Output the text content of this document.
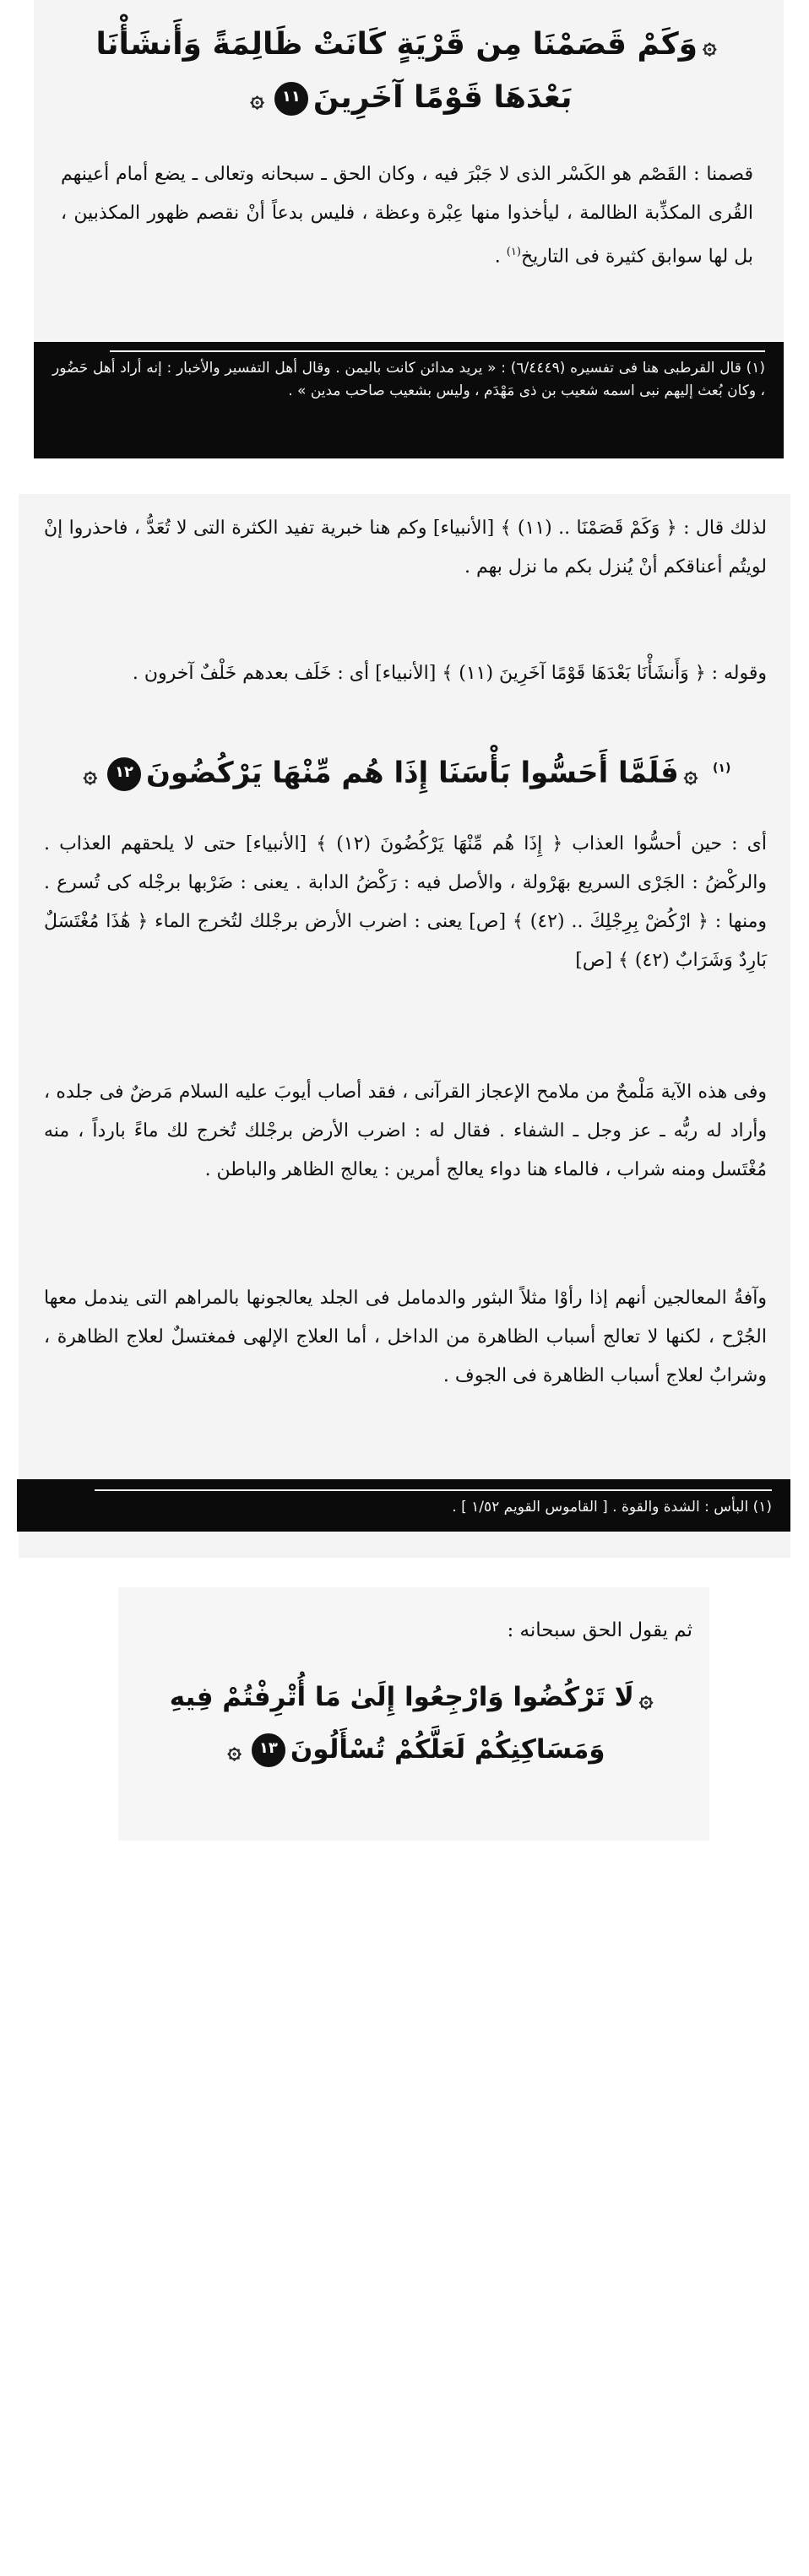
۞وَكَمْ قَصَمْنَا مِن قَرْيَةٍ كَانَتْ ظَالِمَةً وَأَنشَأْنَا
بَعْدَهَا قَوْمًا آخَرِينَ١١۞

قصمنا : القَصْم هو الكَسْر الذى لا جَبْرَ فيه ، وكان الحق ـ سبحانه وتعالى ـ يضع أمام أعينهم القُرى المكذِّبة الظالمة ، ليأخذوا منها عِبْرة وعظة ، فليس بدعاً أنْ نقصم ظهور المكذبين ، بل لها سوابق كثيرة فى التاريخ$^{(١)}$ .

(١) قال القرطبى هنا فى تفسيره (٦/٤٤٤٩) : « يريد مدائن كانت باليمن . وقال أهل التفسير والأخبار : إنه أراد أهل حَضُور ، وكان بُعث إليهم نبى اسمه شعيب بن ذى مَهْدَم ، وليس بشعيب صاحب مدين » .

لذلك قال : ﴿ وَكَمْ قَصَمْنَا .. (١١) ﴾ [الأنبياء] وكم هنا خبرية تفيد الكثرة التى لا تُعَدُّ ، فاحذروا إنْ لويتُم أعناقكم أنْ يُنزل بكم ما نزل بهم .

وقوله : ﴿ وَأَنشَأْنَا بَعْدَهَا قَوْمًا آخَرِينَ (١١) ﴾ [الأنبياء] أى : خَلَف بعدهم خَلْفٌ آخرون .

$^{(١)}$ ۞فَلَمَّا أَحَسُّوا بَأْسَنَا إِذَا هُم مِّنْهَا يَرْكُضُونَ١٢۞

أى : حين أحسُّوا العذاب ﴿ إِذَا هُم مِّنْهَا يَرْكُضُونَ (١٢) ﴾ [الأنبياء] حتى لا يلحقهم العذاب . والركْضُ : الجَرْى السريع بهَرْولة ، والأصل فيه : رَكْضُ الدابة . يعنى : ضَرْبها برجْله كى تُسرع . ومنها : ﴿ ارْكُضْ بِرِجْلِكَ .. (٤٢) ﴾ [ص] يعنى : اضرب الأرض برجْلك لتُخرج الماء ﴿ هَٰذَا مُغْتَسَلٌ بَارِدٌ وَشَرَابٌ (٤٢) ﴾ [ص]

وفى هذه الآية مَلْمحٌ من ملامح الإعجاز القرآنى ، فقد أصاب أيوبَ عليه السلام مَرضٌ فى جلده ، وأراد له ربُّه ـ عز وجل ـ الشفاء . فقال له : اضرب الأرض برجْلك تُخرج لك ماءً بارداً ، منه مُغْتَسل ومنه شراب ، فالماء هنا دواء يعالج أمرين : يعالج الظاهر والباطن .

وآفةُ المعالجين أنهم إذا رأوْا مثلاً البثور والدمامل فى الجلد يعالجونها بالمراهم التى يندمل معها الجُرْح ، لكنها لا تعالج أسباب الظاهرة من الداخل ، أما العلاج الإلهى فمغتسلٌ لعلاج الظاهرة ، وشرابٌ لعلاج أسباب الظاهرة فى الجوف .

(١) البأس : الشدة والقوة . [ القاموس القويم ١/٥٢ ] .

ثم يقول الحق سبحانه :

۞لَا تَرْكُضُوا وَارْجِعُوا إِلَىٰ مَا أُتْرِفْتُمْ فِيهِ
وَمَسَاكِنِكُمْ لَعَلَّكُمْ تُسْأَلُونَ١٣۞
